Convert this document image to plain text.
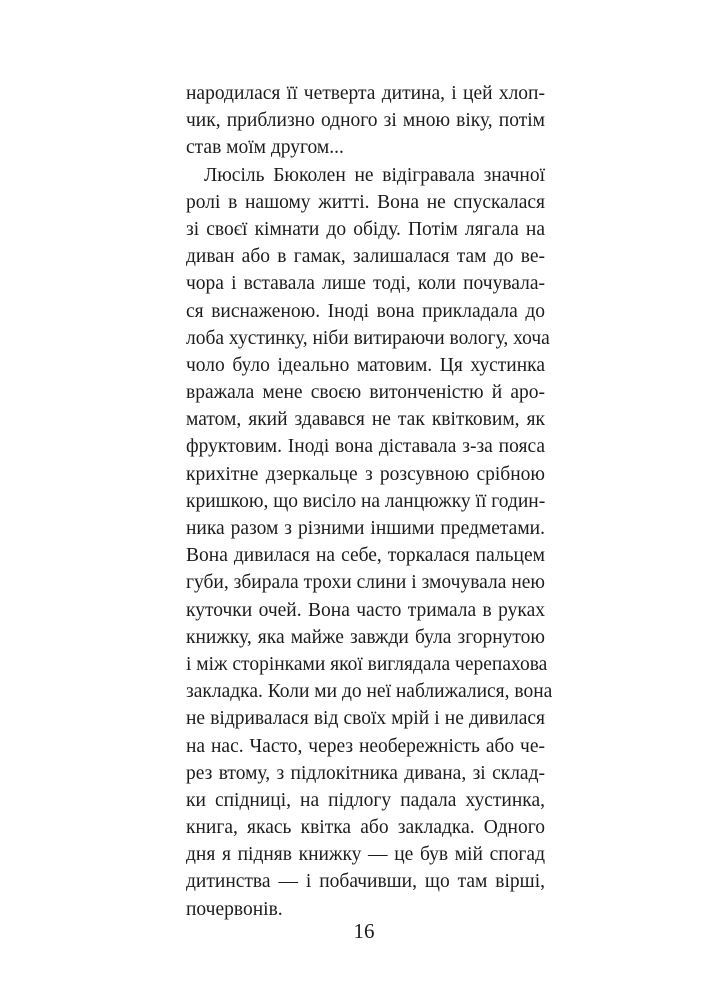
народилася її четверта дитина, і цей хлоп-
чик, приблизно одного зі мною віку, потім
став моїм другом...
Люсіль Бюколен не відігравала значної
ролі в нашому житті. Вона не спускалася
зі своєї кімнати до обіду. Потім лягала на
диван або в гамак, залишалася там до ве-
чора і вставала лише тоді, коли почувала-
ся виснаженою. Іноді вона прикладала до
лоба хустинку, ніби витираючи вологу, хоча
чоло було ідеально матовим. Ця хустинка
вражала мене своєю витонченістю й аро-
матом, який здавався не так квітковим, як
фруктовим. Іноді вона діставала з-за пояса
крихітне дзеркальце з розсувною срібною
кришкою, що висіло на ланцюжку її годин-
ника разом з різними іншими предметами.
Вона дивилася на себе, торкалася пальцем
губи, збирала трохи слини і змочувала нею
куточки очей. Вона часто тримала в руках
книжку, яка майже завжди була згорнутою
і між сторінками якої виглядала черепахова
закладка. Коли ми до неї наближалися, вона
не відривалася від своїх мрій і не дивилася
на нас. Часто, через необережність або че-
рез втому, з підлокітника дивана, зі склад-
ки спідниці, на підлогу падала хустинка,
книга, якась квітка або закладка. Одного
дня я підняв книжку — це був мій спогад
дитинства — і побачивши, що там вірші,
почервонів.
16
